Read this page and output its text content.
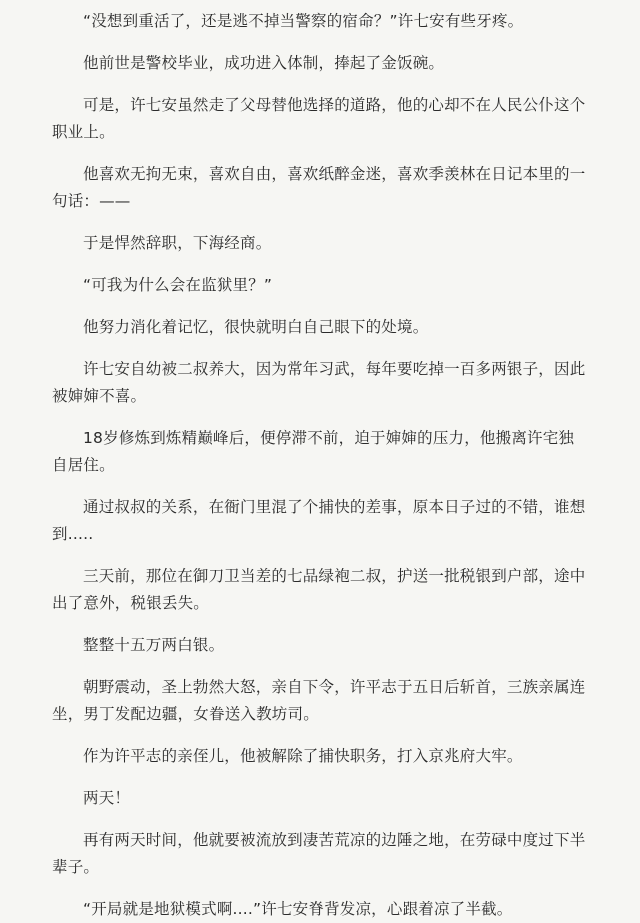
“没想到重活了，还是逃不掉当警察的宿命？”许七安有些牙疼。

他前世是警校毕业，成功进入体制，捧起了金饭碗。

可是，许七安虽然走了父母替他选择的道路，他的心却不在人民公仆这个职业上。

他喜欢无拘无束，喜欢自由，喜欢纸醉金迷，喜欢季羡林在日记本里的一句话：——

于是悍然辞职，下海经商。

“可我为什么会在监狱里？”

他努力消化着记忆，很快就明白自己眼下的处境。

许七安自幼被二叔养大，因为常年习武，每年要吃掉一百多两银子，因此被婶婶不喜。

18岁修炼到炼精巅峰后，便停滞不前，迫于婶婶的压力，他搬离许宅独自居住。

通过叔叔的关系，在衙门里混了个捕快的差事，原本日子过的不错，谁想到.....

三天前，那位在御刀卫当差的七品绿袍二叔，护送一批税银到户部，途中出了意外，税银丢失。

整整十五万两白银。

朝野震动，圣上勃然大怒，亲自下令，许平志于五日后斩首，三族亲属连坐，男丁发配边疆，女眷送入教坊司。

作为许平志的亲侄儿，他被解除了捕快职务，打入京兆府大牢。

两天！

再有两天时间，他就要被流放到凄苦荒凉的边陲之地，在劳碌中度过下半辈子。

“开局就是地狱模式啊....”许七安脊背发凉，心跟着凉了半截。
